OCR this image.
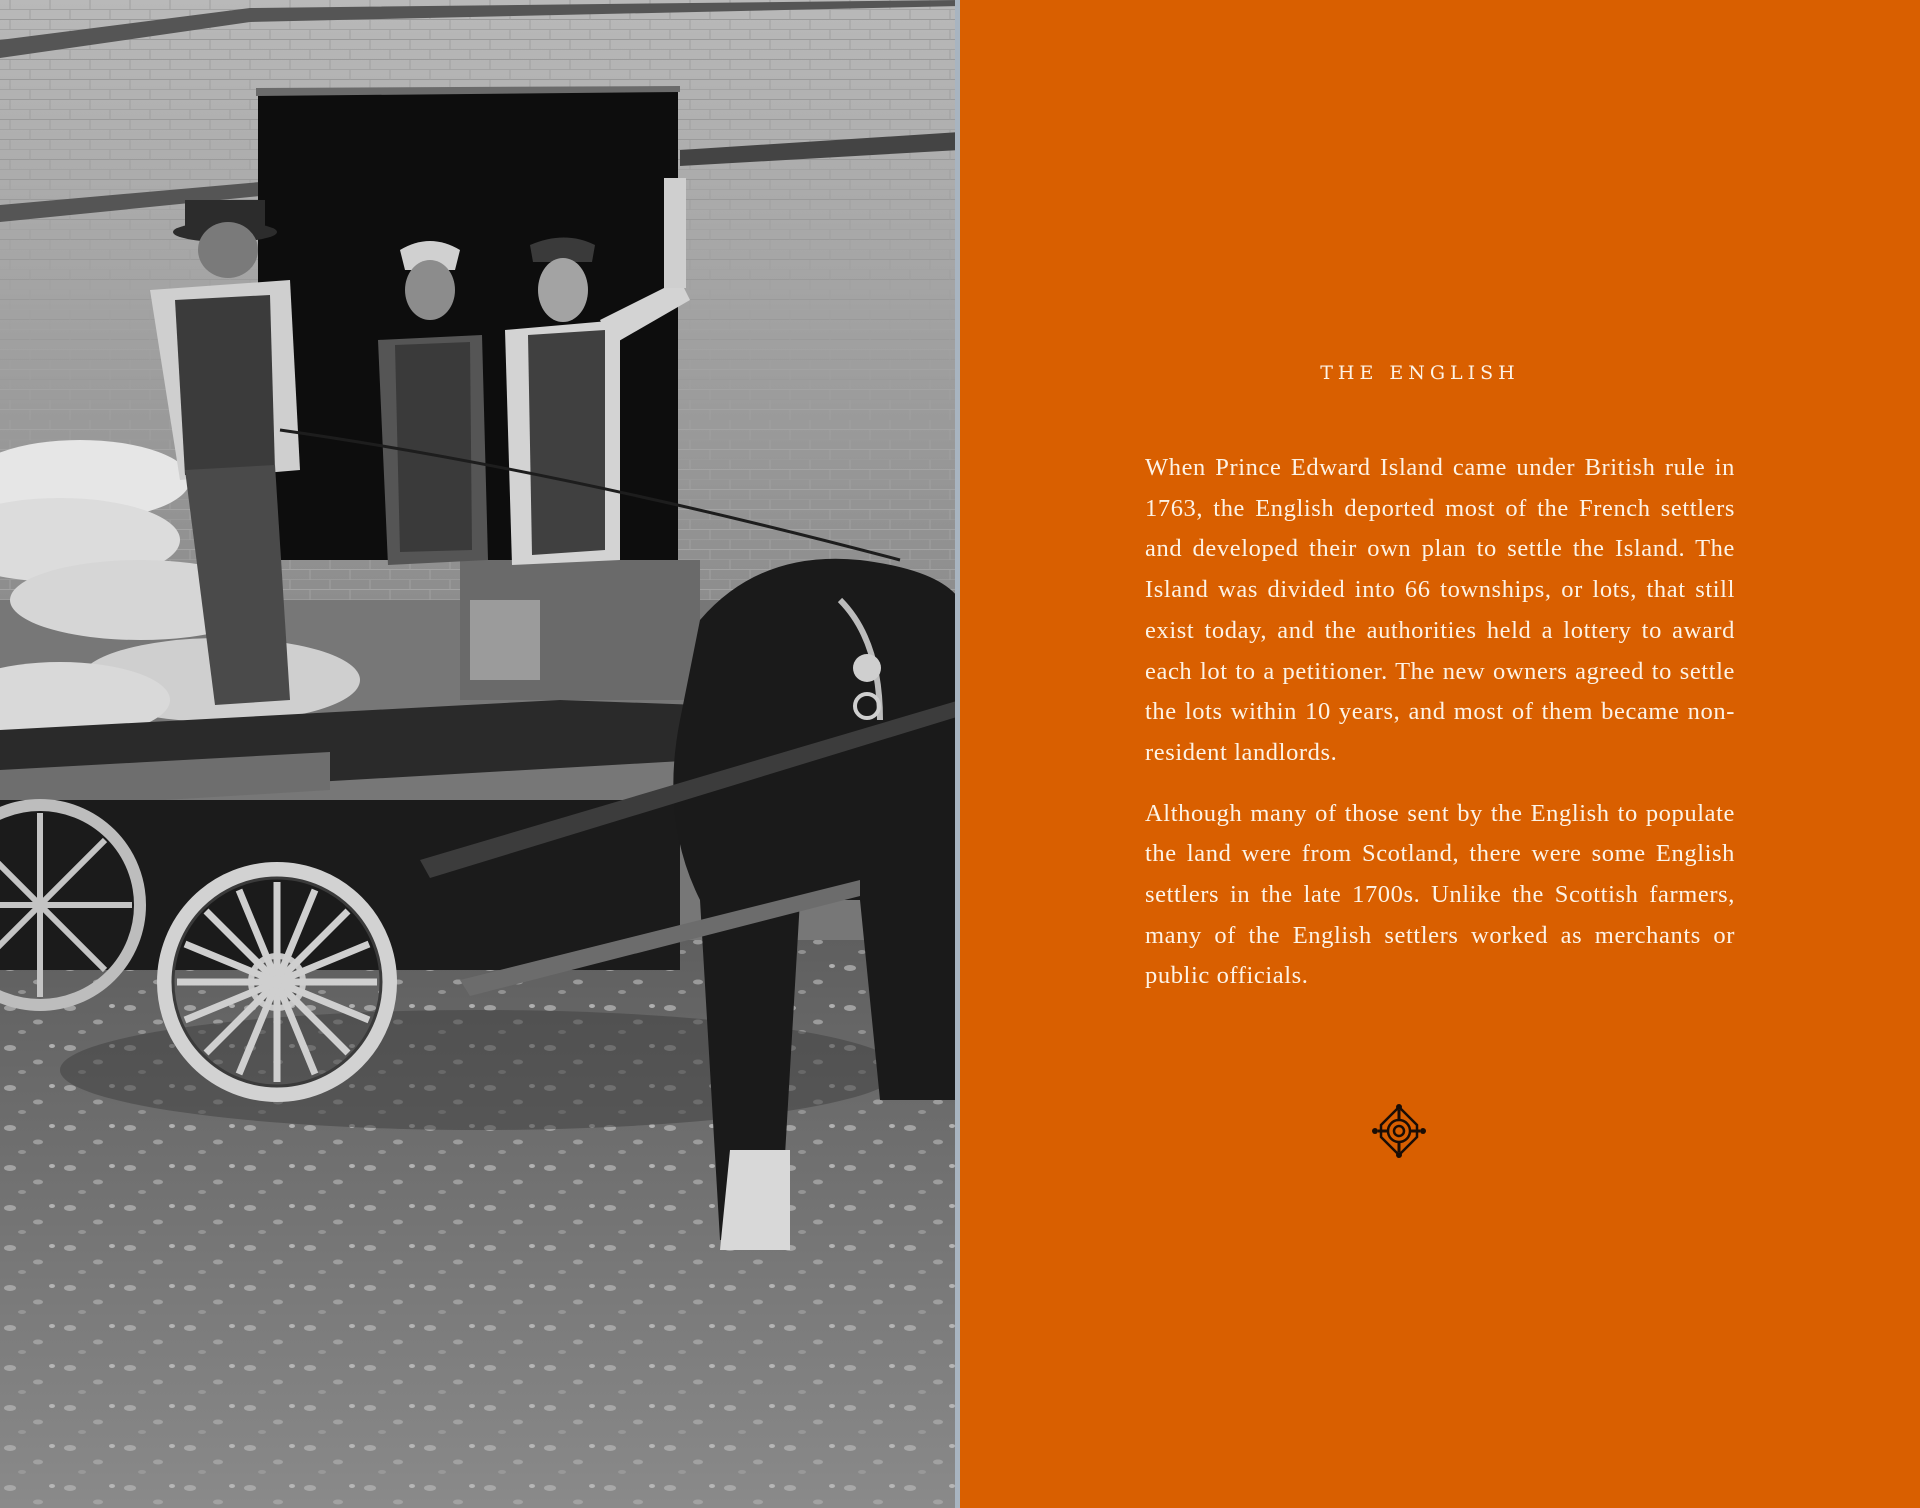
THE ENGLISH

When Prince Edward Island came under British rule in 1763, the English deported most of the French settlers and developed their own plan to settle the Island. The Island was divided into 66 townships, or lots, that still exist today, and the authorities held a lottery to award each lot to a petitioner. The new owners agreed to settle the lots within 10 years, and most of them became non-resident landlords.

Although many of those sent by the English to populate the land were from Scotland, there were some English settlers in the late 1700s. Unlike the Scottish farmers, many of the English settlers worked as merchants or public officials.
